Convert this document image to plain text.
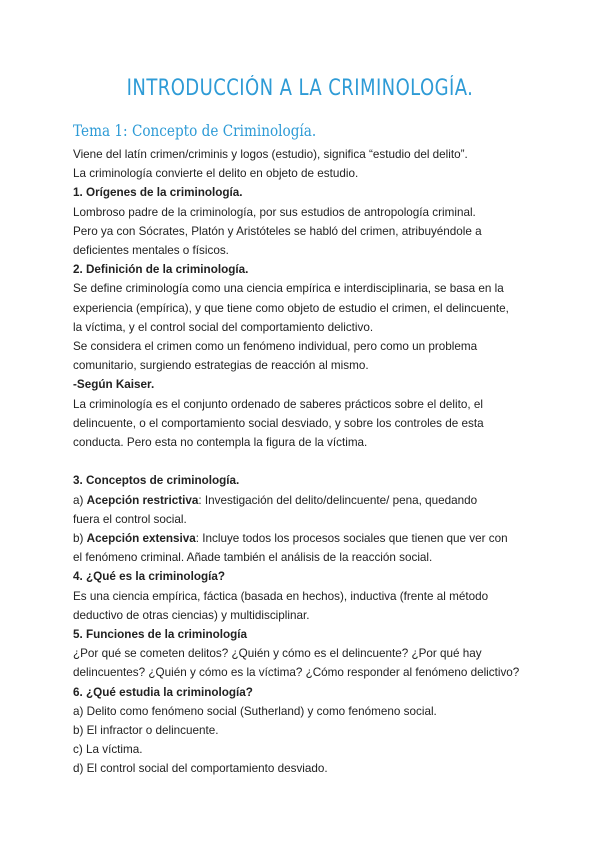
INTRODUCCIÓN A LA CRIMINOLOGÍA.
Tema 1: Concepto de Criminología.

Viene del latín crimen/criminis y logos (estudio), significa “estudio del delito”.

La criminología convierte el delito en objeto de estudio.

1. Orígenes de la criminología.

Lombroso padre de la criminología, por sus estudios de antropología criminal.

Pero ya con Sócrates, Platón y Aristóteles se habló del crimen, atribuyéndole a

deficientes mentales o físicos.

2. Definición de la criminología.

Se define criminología como una ciencia empírica e interdisciplinaria, se basa en la

experiencia (empírica), y que tiene como objeto de estudio el crimen, el delincuente,

la víctima, y el control social del comportamiento delictivo.

Se considera el crimen como un fenómeno individual, pero como un problema

comunitario, surgiendo estrategias de reacción al mismo.

-Según Kaiser.

La criminología es el conjunto ordenado de saberes prácticos sobre el delito, el

delincuente, o el comportamiento social desviado, y sobre los controles de esta

conducta. Pero esta no contempla la figura de la víctima.

3. Conceptos de criminología.

a) Acepción restrictiva: Investigación del delito/delincuente/ pena, quedando

fuera el control social.

b) Acepción extensiva: Incluye todos los procesos sociales que tienen que ver con

el fenómeno criminal. Añade también el análisis de la reacción social.

4. ¿Qué es la criminología?

Es una ciencia empírica, fáctica (basada en hechos), inductiva (frente al método

deductivo de otras ciencias) y multidisciplinar.

5. Funciones de la criminología

¿Por qué se cometen delitos? ¿Quién y cómo es el delincuente? ¿Por qué hay

delincuentes? ¿Quién y cómo es la víctima? ¿Cómo responder al fenómeno delictivo?

6. ¿Qué estudia la criminología?

a) Delito como fenómeno social (Sutherland) y como fenómeno social.

b) El infractor o delincuente.

c) La víctima.

d) El control social del comportamiento desviado.
